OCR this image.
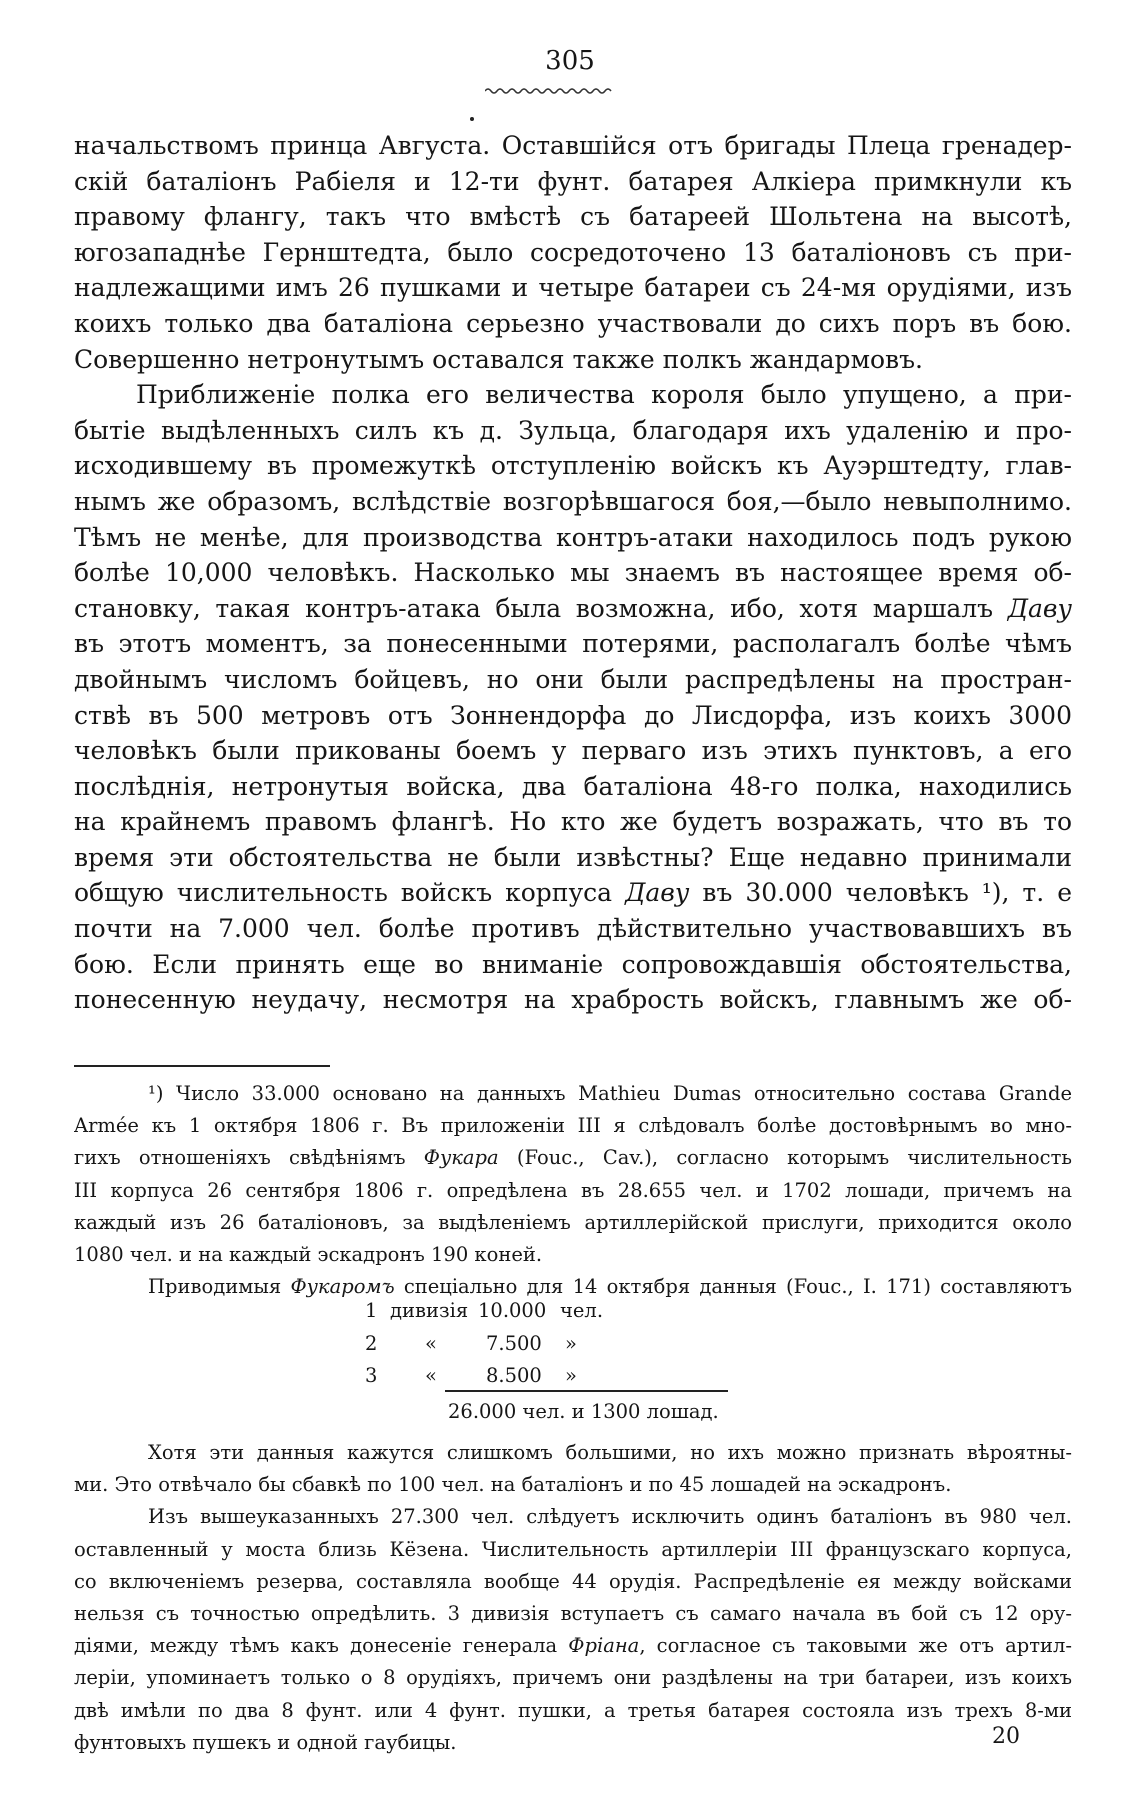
305
начальствомъ принца Августа. Оставшійся отъ бригады Плеца гренадер-
скій баталіонъ Рабіеля и 12-ти фунт. батарея Алкіера примкнули къ
правому флангу, такъ что вмѣстѣ съ батареей Шольтена на высотѣ,
югозападнѣе Гернштедта, было сосредоточено 13 баталіоновъ съ при-
надлежащими имъ 26 пушками и четыре батареи съ 24-мя орудіями, изъ
коихъ только два баталіона серьезно участвовали до сихъ поръ въ бою.
Совершенно нетронутымъ оставался также полкъ жандармовъ.
Приближеніе полка его величества короля было упущено, а при-
бытіе выдѣленныхъ силъ къ д. Зульца, благодаря ихъ удаленію и про-
исходившему въ промежуткѣ отступленію войскъ къ Ауэрштедту, глав-
нымъ же образомъ, вслѣдствіе возгорѣвшагося боя,—было невыполнимо.
Тѣмъ не менѣе, для производства контръ-атаки находилось подъ рукою
болѣе 10,000 человѣкъ. Насколько мы знаемъ въ настоящее время об-
становку, такая контръ-атака была возможна, ибо, хотя маршалъ Даву
въ этотъ моментъ, за понесенными потерями, располагалъ болѣе чѣмъ
двойнымъ числомъ бойцевъ, но они были распредѣлены на простран-
ствѣ въ 500 метровъ отъ Зоннендорфа до Лисдорфа, изъ коихъ 3000
человѣкъ были прикованы боемъ у перваго изъ этихъ пунктовъ, а его
послѣднія, нетронутыя войска, два баталіона 48-го полка, находились
на крайнемъ правомъ флангѣ. Но кто же будетъ возражать, что въ то
время эти обстоятельства не были извѣстны? Еще недавно принимали
общую числительность войскъ корпуса Даву въ 30.000 человѣкъ ¹), т. е
почти на 7.000 чел. болѣе противъ дѣйствительно участвовавшихъ въ
бою. Если принять еще во вниманіе сопровождавшія обстоятельства,
понесенную неудачу, несмотря на храбрость войскъ, главнымъ же об-
¹) Число 33.000 основано на данныхъ Mathieu Dumas относительно состава Grande
Armée къ 1 октября 1806 г. Въ приложеніи III я слѣдовалъ болѣе достовѣрнымъ во мно-
гихъ отношеніяхъ свѣдѣніямъ Фукара (Fouc., Cav.), согласно которымъ числительность
III корпуса 26 сентября 1806 г. опредѣлена въ 28.655 чел. и 1702 лошади, причемъ на
каждый изъ 26 баталіоновъ, за выдѣленіемъ артиллерійской прислуги, приходится около
1080 чел. и на каждый эскадронъ 190 коней.
Приводимыя Фукаромъ спеціально для 14 октября данныя (Fouc., I. 171) составляютъ
1 дивизія 10.000 чел.
2 «	7.500 »
3 «	8.500 »
26.000 чел. и 1300 лошад.
Хотя эти данныя кажутся слишкомъ большими, но ихъ можно признать вѣроятны-
ми. Это отвѣчало бы сбавкѣ по 100 чел. на баталіонъ и по 45 лошадей на эскадронъ.
Изъ вышеуказанныхъ 27.300 чел. слѣдуетъ исключить одинъ баталіонъ въ 980 чел.
оставленный у моста близь Кёзена. Числительность артиллеріи III французскаго корпуса,
со включеніемъ резерва, составляла вообще 44 орудія. Распредѣленіе ея между войсками
нельзя съ точностью опредѣлить. 3 дивизія вступаетъ съ самаго начала въ бой съ 12 ору-
діями, между тѣмъ какъ донесеніе генерала Фріана, согласное съ таковыми же отъ артил-
леріи, упоминаетъ только о 8 орудіяхъ, причемъ они раздѣлены на три батареи, изъ коихъ
двѣ имѣли по два 8 фунт. или 4 фунт. пушки, а третья батарея состояла изъ трехъ 8-ми
фунтовыхъ пушекъ и одной гаубицы.	20
